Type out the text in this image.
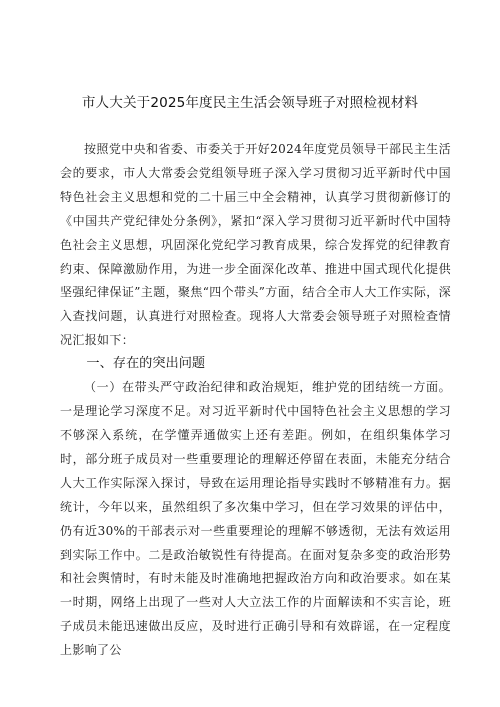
市人大关于2025年度民主生活会领导班子对照检视材料

按照党中央和省委、市委关于开好2024年度党员领导干部民主生活会的要求，市人大常委会党组领导班子深入学习贯彻习近平新时代中国特色社会主义思想和党的二十届三中全会精神，认真学习贯彻新修订的《中国共产党纪律处分条例》，紧扣“深入学习贯彻习近平新时代中国特色社会主义思想，巩固深化党纪学习教育成果，综合发挥党的纪律教育约束、保障激励作用，为进一步全面深化改革、推进中国式现代化提供坚强纪律保证”主题，聚焦“四个带头”方面，结合全市人大工作实际，深入查找问题，认真进行对照检查。现将人大常委会领导班子对照检查情况汇报如下：

一、存在的突出问题

（一）在带头严守政治纪律和政治规矩，维护党的团结统一方面。一是理论学习深度不足。对习近平新时代中国特色社会主义思想的学习不够深入系统，在学懂弄通做实上还有差距。例如，在组织集体学习时，部分班子成员对一些重要理论的理解还停留在表面，未能充分结合人大工作实际深入探讨，导致在运用理论指导实践时不够精准有力。据统计，今年以来，虽然组织了多次集中学习，但在学习效果的评估中，仍有近30%的干部表示对一些重要理论的理解不够透彻，无法有效运用到实际工作中。二是政治敏锐性有待提高。在面对复杂多变的政治形势和社会舆情时，有时未能及时准确地把握政治方向和政治要求。如在某一时期，网络上出现了一些对人大立法工作的片面解读和不实言论，班子成员未能迅速做出反应，及时进行正确引导和有效辟谣，在一定程度上影响了公
